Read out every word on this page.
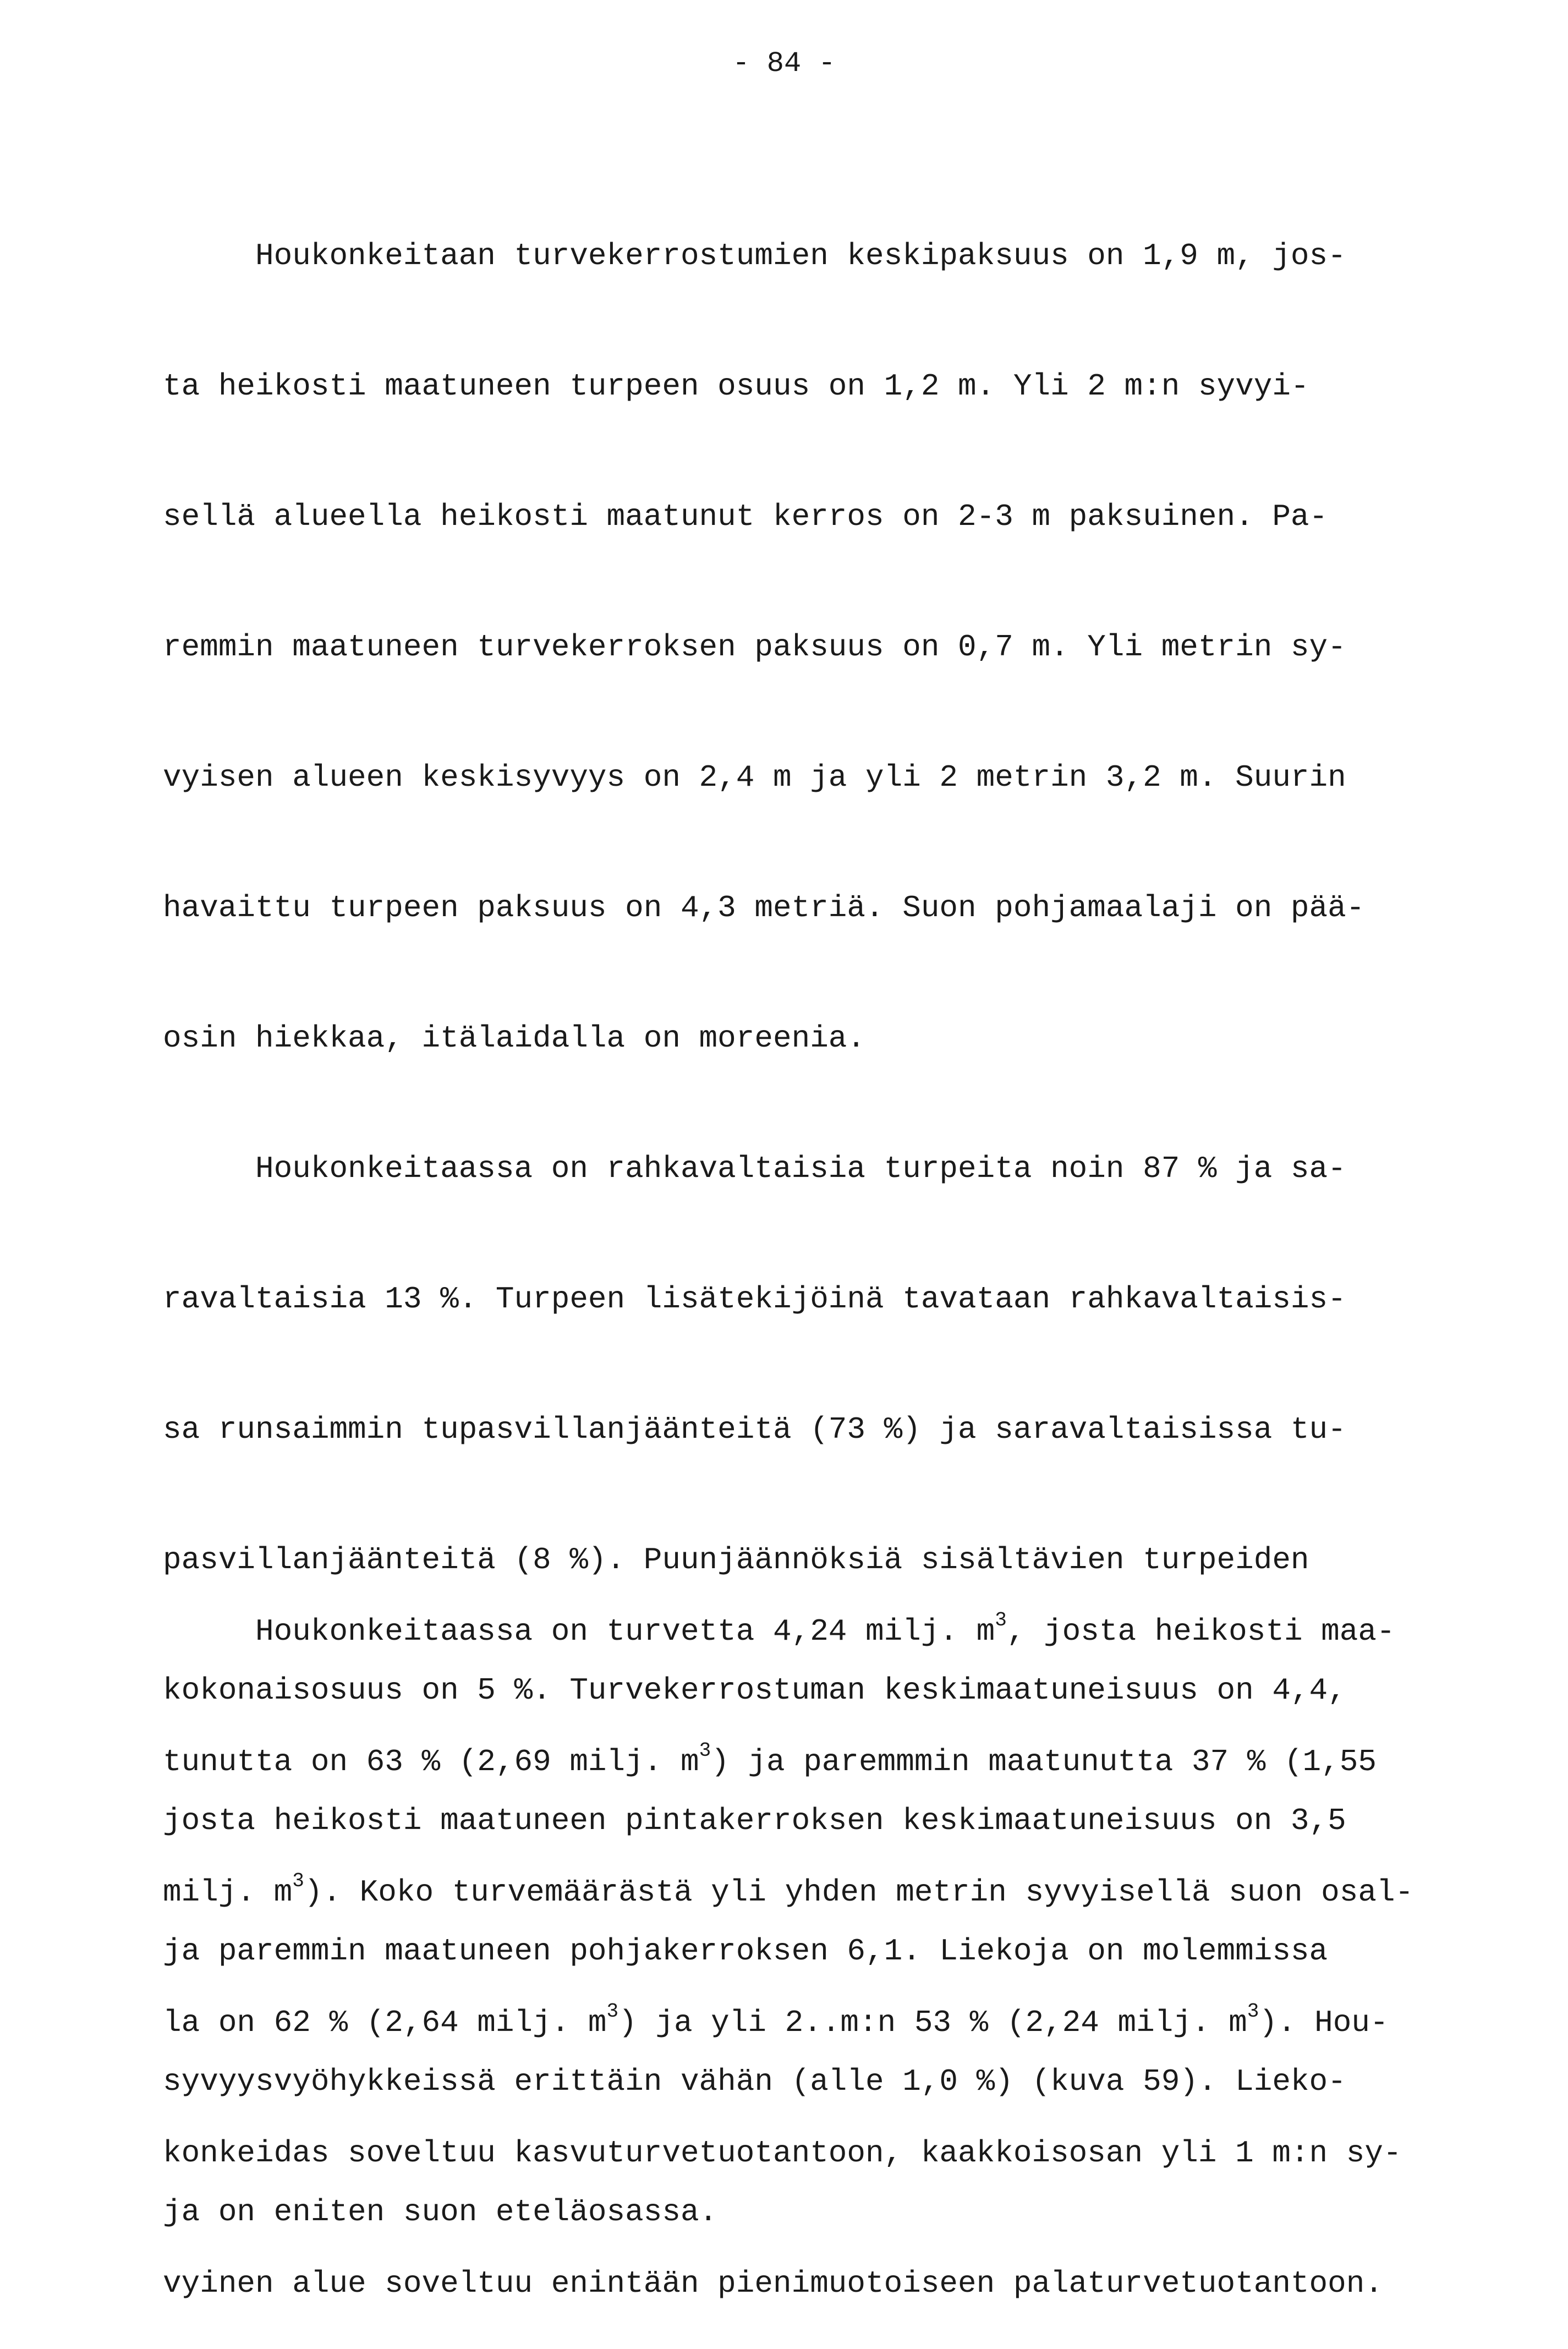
- 84 -

Houkonkeitaan turvekerrostumien keskipaksuus on 1,9 m, jos-

ta heikosti maatuneen turpeen osuus on 1,2 m. Yli 2 m:n syvyi-

sellä alueella heikosti maatunut kerros on 2-3 m paksuinen. Pa-

remmin maatuneen turvekerroksen paksuus on 0,7 m. Yli metrin sy-

vyisen alueen keskisyvyys on 2,4 m ja yli 2 metrin 3,2 m. Suurin

havaittu turpeen paksuus on 4,3 metriä. Suon pohjamaalaji on pää-

osin hiekkaa, itälaidalla on moreenia.

Houkonkeitaassa on rahkavaltaisia turpeita noin 87 % ja sa-

ravaltaisia 13 %. Turpeen lisätekijöinä tavataan rahkavaltaisis-

sa runsaimmin tupasvillanjäänteitä (73 %) ja saravaltaisissa tu-

pasvillanjäänteitä (8 %). Puunjäännöksiä sisältävien turpeiden

kokonaisosuus on 5 %. Turvekerrostuman keskimaatuneisuus on 4,4,

josta heikosti maatuneen pintakerroksen keskimaatuneisuus on 3,5

ja paremmin maatuneen pohjakerroksen 6,1. Liekoja on molemmissa

syvyysvyöhykkeissä erittäin vähän (alle 1,0 %) (kuva 59). Lieko-

ja on eniten suon eteläosassa.

Houkonkeitaassa on turvetta 4,24 milj. $m^3$, josta heikosti maa-

tunutta on 63 % (2,69 milj. $m^3$) ja paremmmin maatunutta 37 % (1,55

milj. $m^3$). Koko turvemäärästä yli yhden metrin syvyisellä suon osal-

la on 62 % (2,64 milj. $m^3$) ja yli 2..m:n 53 % (2,24 milj. $m^3$). Hou-

konkeidas soveltuu kasvuturvetuotantoon, kaakkoisosan yli 1 m:n sy-

vyinen alue soveltuu enintään pienimuotoiseen palaturvetuotantoon.
